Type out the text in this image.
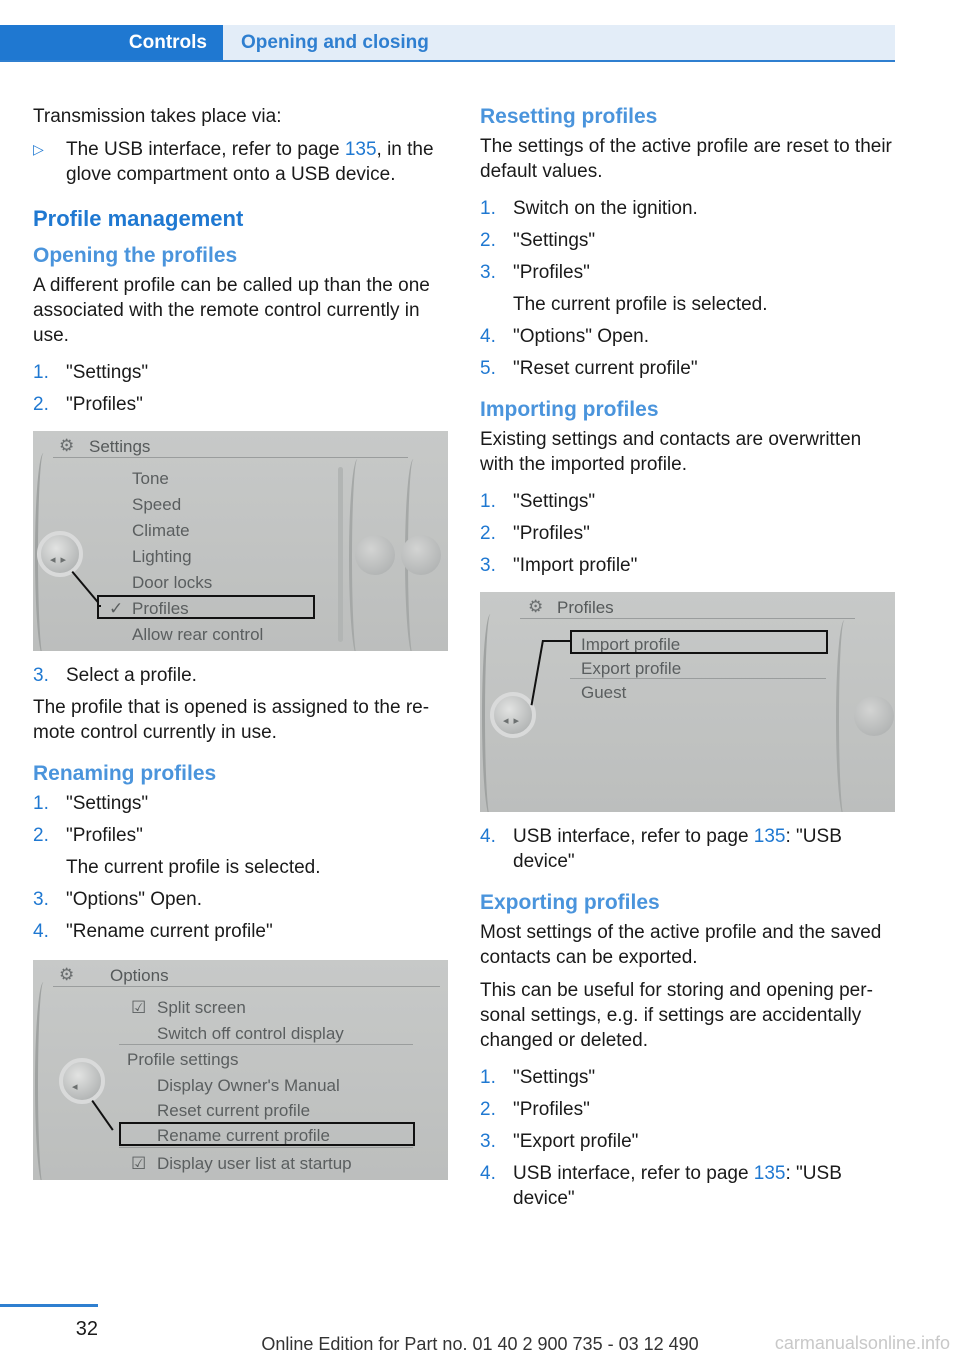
Controls	Opening and closing

Transmission takes place via:

▷	The USB interface, refer to page 135, in the glove compartment onto a USB device.
Profile management
Opening the profiles

A different profile can be called up than the one associated with the remote control currently in use.

1. "Settings"
2. "Profiles"
⚙ Settings
◂▸
Tone
Speed
Climate
Lighting
Door locks
✓ Profiles
Allow rear control
3. Select a profile.

The profile that is opened is assigned to the re‐mote control currently in use.

Renaming profiles
1. "Settings"
2. "Profiles"
The current profile is selected.
3. "Options" Open.
4. "Rename current profile"
⚙ Options
◂
☑ Split screen
Switch off control display
Profile settings
Display Owner's Manual
Reset current profile
Rename current profile
☑ Display user list at startup
Resetting profiles

The settings of the active profile are reset to their default values.

1. Switch on the ignition.
2. "Settings"
3. "Profiles"
The current profile is selected.
4. "Options" Open.
5. "Reset current profile"
Importing profiles

Existing settings and contacts are overwritten with the imported profile.

1. "Settings"
2. "Profiles"
3. "Import profile"
⚙ Profiles
◂▸
Import profile
Export profile
Guest
4. USB interface, refer to page 135: "USB device"
Exporting profiles

Most settings of the active profile and the saved contacts can be exported.

This can be useful for storing and opening per‐sonal settings, e.g. if settings are accidentally changed or deleted.

1. "Settings"
2. "Profiles"
3. "Export profile"
4. USB interface, refer to page 135: "USB device"
32
Online Edition for Part no. 01 40 2 900 735 - 03 12 490	carmanualsonline.info
